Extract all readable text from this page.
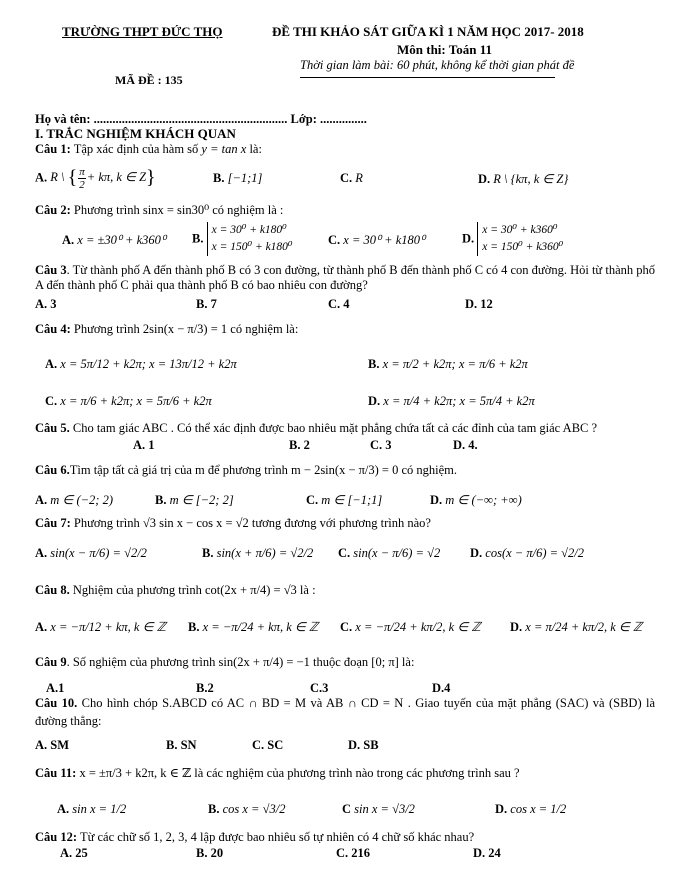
TRƯỜNG THPT ĐỨC THỌ	ĐỀ THI KHẢO SÁT GIỮA KÌ 1 NĂM HỌC 2017- 2018
Môn thi: Toán 11
Thời gian làm bài: 60 phút, không kể thời gian phát đề
MÃ ĐỀ : 135
Họ và tên: .............................................................. Lớp: ...............
I. TRẮC NGHIỆM KHÁCH QUAN
Câu 1: Tập xác định của hàm số y = tan x là:
A. R \ { $\frac{\pi}{2} + k\pi$, k ∈ Z}	B. [−1;1]	C. R	D. R \ {kπ, k ∈ Z}
Câu 2: Phương trình sinx = sin30⁰ có nghiệm là :
A. x = ±30⁰ + k360⁰ B.
x = 30⁰ + k180⁰
x = 150⁰ + k180⁰	C. x = 30⁰ + k180⁰	D.
x = 30⁰ + k360⁰
x = 150⁰ + k360⁰
Câu 3. Từ thành phố A đến thành phố B có 3 con đường, từ thành phố B đến thành phố C có 4 con đường. Hỏi từ thành phố A đến thành phố C phải qua thành phố B có bao nhiêu con đường?
A. 3	B. 7	C. 4	D. 12
Câu 4: Phương trình 2sin(x − π/3) = 1 có nghiệm là:
A. x = 5π/12 + k2π; x = 13π/12 + k2π	B. x = π/2 + k2π; x = π/6 + k2π
C. x = π/6 + k2π; x = 5π/6 + k2π	D. x = π/4 + k2π; x = 5π/4 + k2π
Câu 5. Cho tam giác ABC . Có thể xác định được bao nhiêu mặt phẳng chứa tất cả các đỉnh của tam giác ABC ?
A. 1	B. 2	C. 3	D. 4.
Câu 6.Tìm tập tất cả giá trị của m để phương trình m − 2sin(x − π/3) = 0 có nghiệm.
A. m ∈ (−2; 2)	B. m ∈ [−2; 2]	C. m ∈ [−1;1]	D. m ∈ (−∞; +∞)
Câu 7: Phương trình √3 sin x − cos x = √2 tương đương với phương trình nào?
A. sin(x − π/6) = √2/2	B. sin(x + π/6) = √2/2 C. sin(x − π/6) = √2 D. cos(x − π/6) = √2/2
Câu 8. Nghiệm của phương trình cot(2x + π/4) = √3 là :
A. x = −π/12 + kπ, k ∈ ℤ B. x = −π/24 + kπ, k ∈ ℤ C. x = −π/24 + kπ/2, k ∈ ℤ D. x = π/24 + kπ/2, k ∈ ℤ
Câu 9. Số nghiệm của phương trình sin(2x + π/4) = −1 thuộc đoạn [0; π] là:
A.1	B.2	C.3	D.4
Câu 10. Cho hình chóp S.ABCD có AC ∩ BD = M và AB ∩ CD = N . Giao tuyến của mặt phẳng (SAC) và (SBD) là đường thẳng:
A. SM	B. SN	C. SC	D. SB
Câu 11: x = ±π/3 + k2π, k ∈ ℤ là các nghiệm của phương trình nào trong các phương trình sau ?
A. sin x = 1/2	B. cos x = √3/2	C sin x = √3/2	D. cos x = 1/2
Câu 12: Từ các chữ số 1, 2, 3, 4 lập được bao nhiêu số tự nhiên có 4 chữ số khác nhau?
A. 25	B. 20	C. 216	D. 24
